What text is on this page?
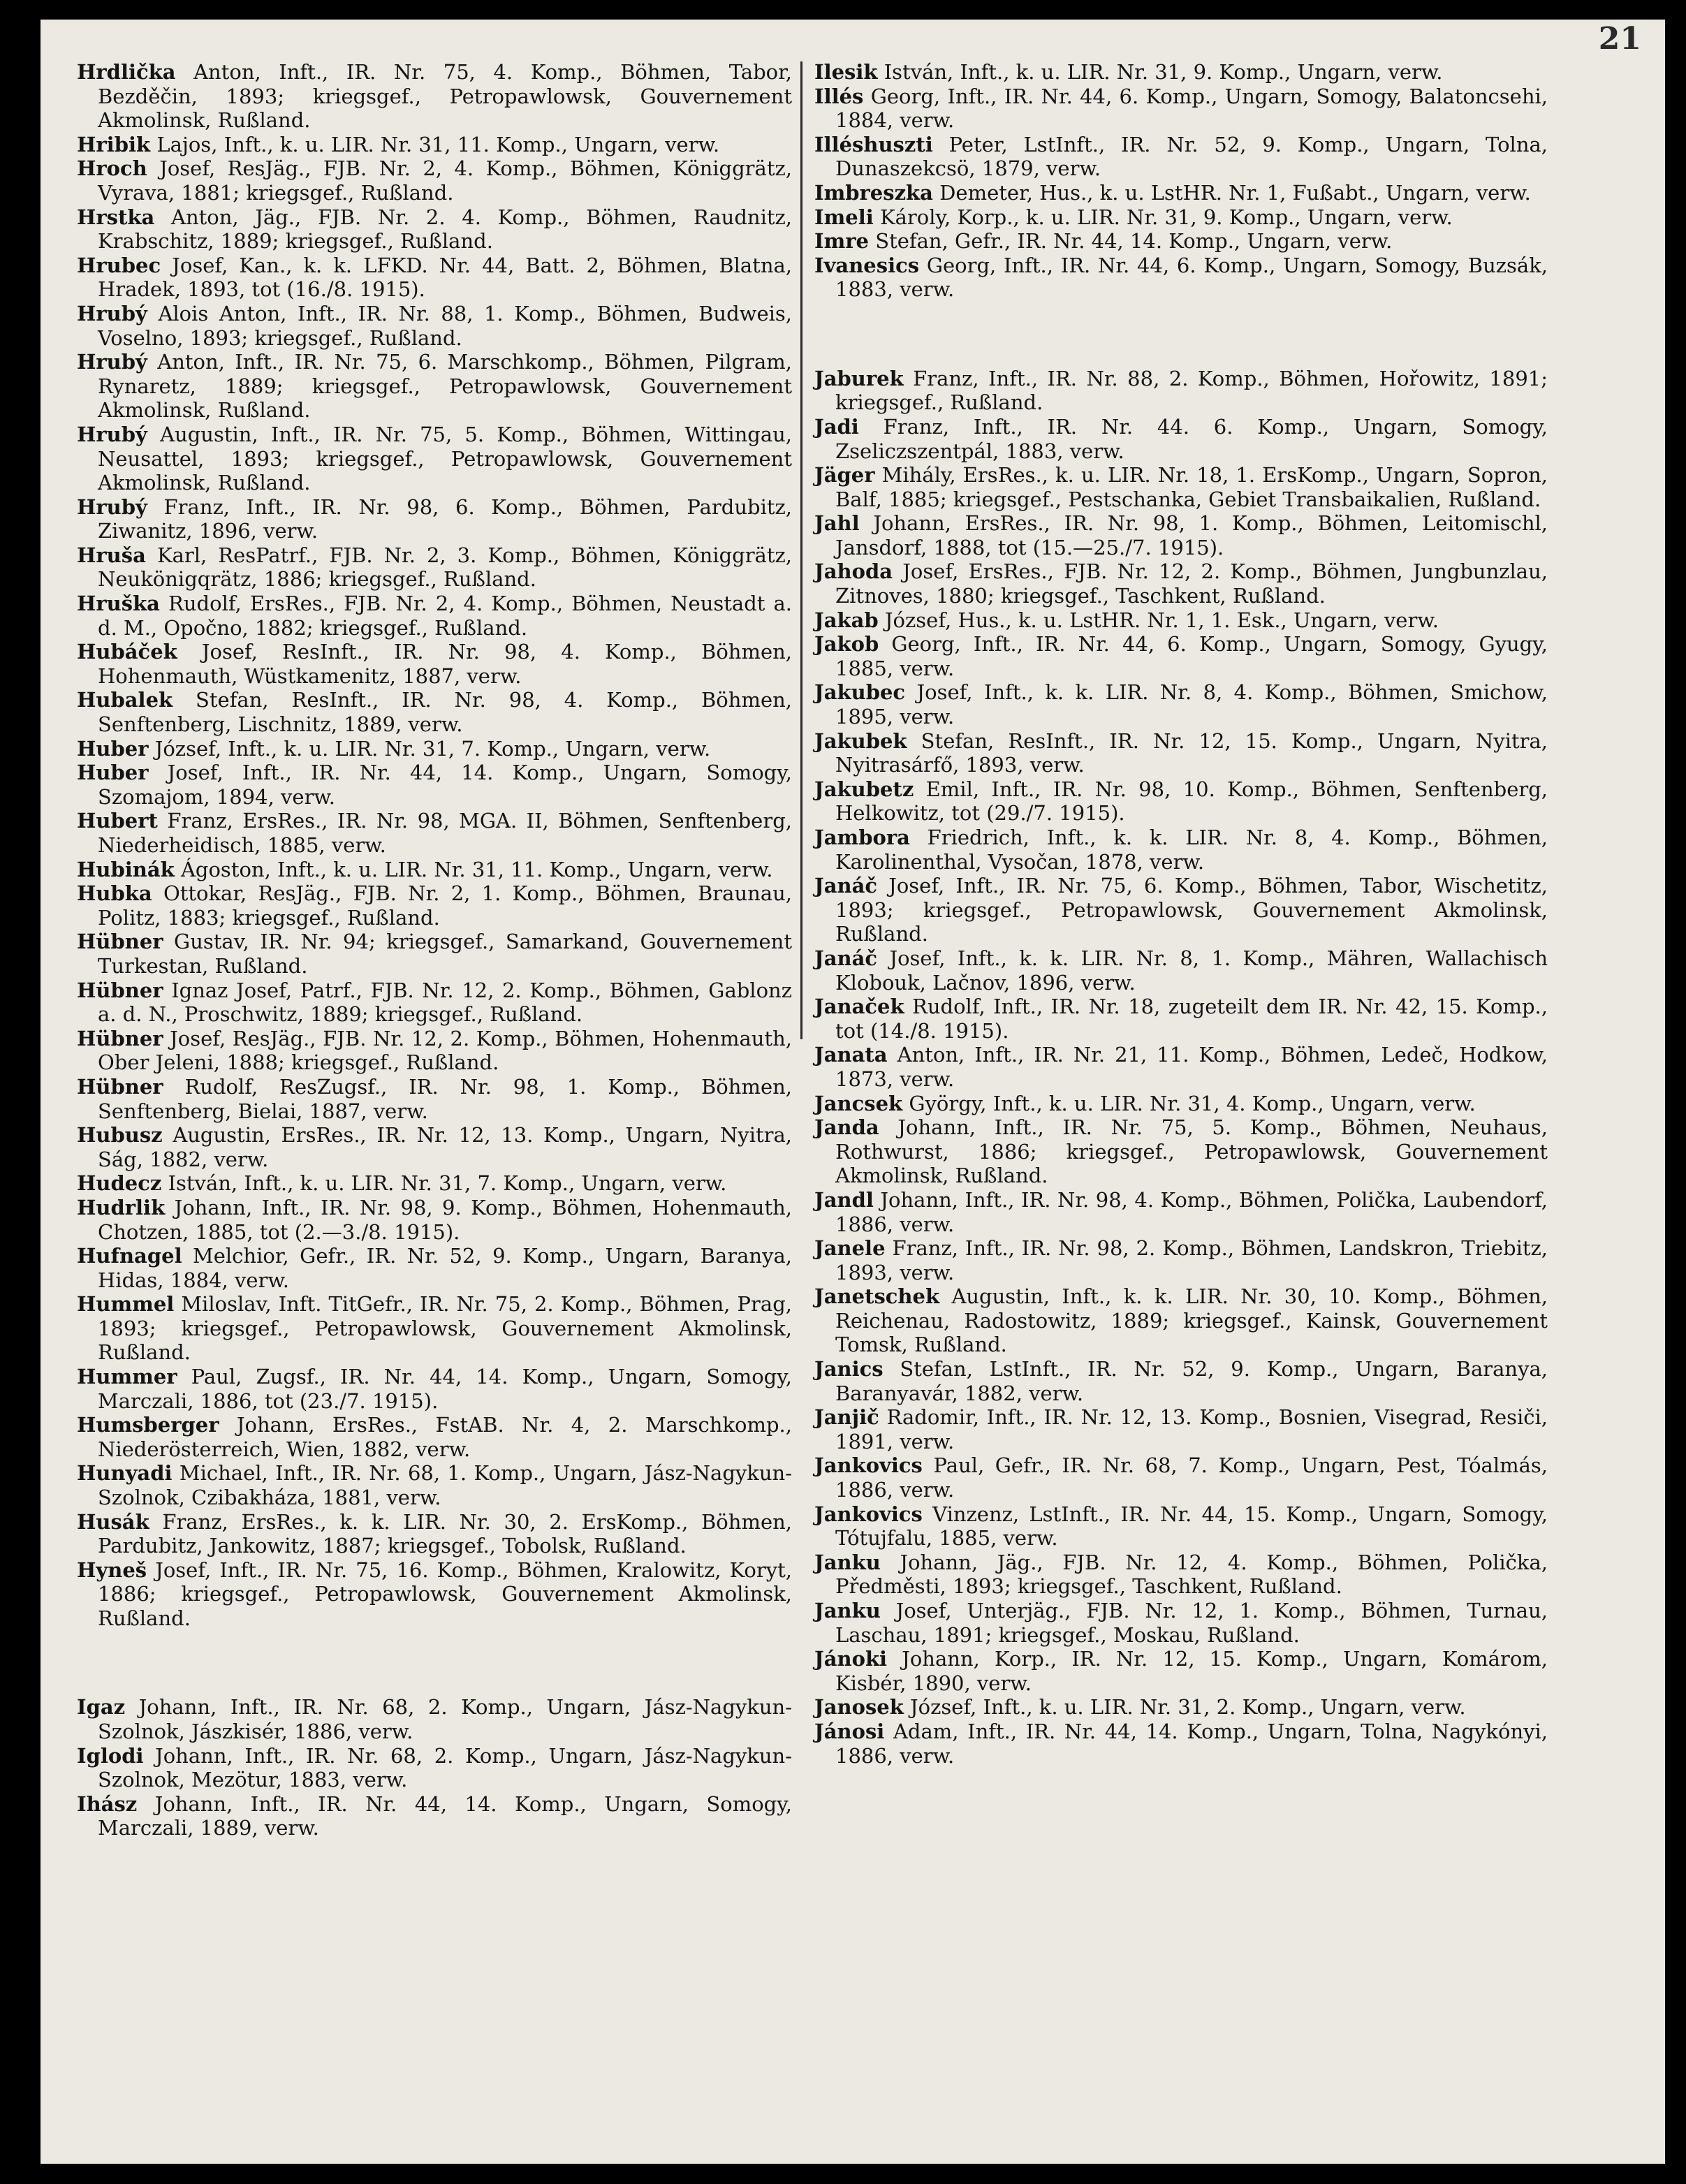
21

Hrdlička Anton, Inft., IR. Nr. 75, 4. Komp., Böhmen, Tabor, Bezděčin, 1893; kriegsgef., Petropawlowsk, Gouvernement Akmolinsk, Rußland.

Hribik Lajos, Inft., k. u. LIR. Nr. 31, 11. Komp., Ungarn, verw.

Hroch Josef, ResJäg., FJB. Nr. 2, 4. Komp., Böhmen, Königgrätz, Vyrava, 1881; kriegsgef., Rußland.

Hrstka Anton, Jäg., FJB. Nr. 2. 4. Komp., Böhmen, Raudnitz, Krabschitz, 1889; kriegsgef., Rußland.

Hrubec Josef, Kan., k. k. LFKD. Nr. 44, Batt. 2, Böhmen, Blatna, Hradek, 1893, tot (16./8. 1915).

Hrubý Alois Anton, Inft., IR. Nr. 88, 1. Komp., Böhmen, Budweis, Voselno, 1893; kriegsgef., Rußland.

Hrubý Anton, Inft., IR. Nr. 75, 6. Marschkomp., Böhmen, Pilgram, Rynaretz, 1889; kriegsgef., Petropawlowsk, Gouvernement Akmolinsk, Rußland.

Hrubý Augustin, Inft., IR. Nr. 75, 5. Komp., Böhmen, Wittingau, Neusattel, 1893; kriegsgef., Petropawlowsk, Gouvernement Akmolinsk, Rußland.

Hrubý Franz, Inft., IR. Nr. 98, 6. Komp., Böhmen, Pardubitz, Ziwanitz, 1896, verw.

Hruša Karl, ResPatrf., FJB. Nr. 2, 3. Komp., Böhmen, Königgrätz, Neukönigqrätz, 1886; kriegsgef., Rußland.

Hruška Rudolf, ErsRes., FJB. Nr. 2, 4. Komp., Böhmen, Neustadt a. d. M., Opočno, 1882; kriegsgef., Rußland.

Hubáček Josef, ResInft., IR. Nr. 98, 4. Komp., Böhmen, Hohenmauth, Wüstkamenitz, 1887, verw.

Hubalek Stefan, ResInft., IR. Nr. 98, 4. Komp., Böhmen, Senftenberg, Lischnitz, 1889, verw.

Huber József, Inft., k. u. LIR. Nr. 31, 7. Komp., Ungarn, verw.

Huber Josef, Inft., IR. Nr. 44, 14. Komp., Ungarn, Somogy, Szomajom, 1894, verw.

Hubert Franz, ErsRes., IR. Nr. 98, MGA. II, Böhmen, Senftenberg, Niederheidisch, 1885, verw.

Hubinák Ágoston, Inft., k. u. LIR. Nr. 31, 11. Komp., Ungarn, verw.

Hubka Ottokar, ResJäg., FJB. Nr. 2, 1. Komp., Böhmen, Braunau, Politz, 1883; kriegsgef., Rußland.

Hübner Gustav, IR. Nr. 94; kriegsgef., Samarkand, Gouvernement Turkestan, Rußland.

Hübner Ignaz Josef, Patrf., FJB. Nr. 12, 2. Komp., Böhmen, Gablonz a. d. N., Proschwitz, 1889; kriegsgef., Rußland.

Hübner Josef, ResJäg., FJB. Nr. 12, 2. Komp., Böhmen, Hohenmauth, Ober Jeleni, 1888; kriegsgef., Rußland.

Hübner Rudolf, ResZugsf., IR. Nr. 98, 1. Komp., Böhmen, Senftenberg, Bielai, 1887, verw.

Hubusz Augustin, ErsRes., IR. Nr. 12, 13. Komp., Ungarn, Nyitra, Ság, 1882, verw.

Hudecz István, Inft., k. u. LIR. Nr. 31, 7. Komp., Ungarn, verw.

Hudrlik Johann, Inft., IR. Nr. 98, 9. Komp., Böhmen, Hohenmauth, Chotzen, 1885, tot (2.—3./8. 1915).

Hufnagel Melchior, Gefr., IR. Nr. 52, 9. Komp., Ungarn, Baranya, Hidas, 1884, verw.

Hummel Miloslav, Inft. TitGefr., IR. Nr. 75, 2. Komp., Böhmen, Prag, 1893; kriegsgef., Petropawlowsk, Gouvernement Akmolinsk, Rußland.

Hummer Paul, Zugsf., IR. Nr. 44, 14. Komp., Ungarn, Somogy, Marczali, 1886, tot (23./7. 1915).

Humsberger Johann, ErsRes., FstAB. Nr. 4, 2. Marschkomp., Niederösterreich, Wien, 1882, verw.

Hunyadi Michael, Inft., IR. Nr. 68, 1. Komp., Ungarn, Jász-Nagykun-Szolnok, Czibakháza, 1881, verw.

Husák Franz, ErsRes., k. k. LIR. Nr. 30, 2. ErsKomp., Böhmen, Pardubitz, Jankowitz, 1887; kriegsgef., Tobolsk, Rußland.

Hyneš Josef, Inft., IR. Nr. 75, 16. Komp., Böhmen, Kralowitz, Koryt, 1886; kriegsgef., Petropawlowsk, Gouvernement Akmolinsk, Rußland.

Igaz Johann, Inft., IR. Nr. 68, 2. Komp., Ungarn, Jász-Nagykun-Szolnok, Jászkisér, 1886, verw.

Iglodi Johann, Inft., IR. Nr. 68, 2. Komp., Ungarn, Jász-Nagykun-Szolnok, Mezötur, 1883, verw.

Ihász Johann, Inft., IR. Nr. 44, 14. Komp., Ungarn, Somogy, Marczali, 1889, verw.

Ilesik István, Inft., k. u. LIR. Nr. 31, 9. Komp., Ungarn, verw.

Illés Georg, Inft., IR. Nr. 44, 6. Komp., Ungarn, Somogy, Balatoncsehi, 1884, verw.

Illéshuszti Peter, LstInft., IR. Nr. 52, 9. Komp., Ungarn, Tolna, Dunaszekcsö, 1879, verw.

Imbreszka Demeter, Hus., k. u. LstHR. Nr. 1, Fußabt., Ungarn, verw.

Imeli Károly, Korp., k. u. LIR. Nr. 31, 9. Komp., Ungarn, verw.

Imre Stefan, Gefr., IR. Nr. 44, 14. Komp., Ungarn, verw.

Ivanesics Georg, Inft., IR. Nr. 44, 6. Komp., Ungarn, Somogy, Buzsák, 1883, verw.

Jaburek Franz, Inft., IR. Nr. 88, 2. Komp., Böhmen, Hořowitz, 1891; kriegsgef., Rußland.

Jadi Franz, Inft., IR. Nr. 44. 6. Komp., Ungarn, Somogy, Zseliczszentpál, 1883, verw.

Jäger Mihály, ErsRes., k. u. LIR. Nr. 18, 1. ErsKomp., Ungarn, Sopron, Balf, 1885; kriegsgef., Pestschanka, Gebiet Transbaikalien, Rußland.

Jahl Johann, ErsRes., IR. Nr. 98, 1. Komp., Böhmen, Leitomischl, Jansdorf, 1888, tot (15.—25./7. 1915).

Jahoda Josef, ErsRes., FJB. Nr. 12, 2. Komp., Böhmen, Jungbunzlau, Zitnoves, 1880; kriegsgef., Taschkent, Rußland.

Jakab József, Hus., k. u. LstHR. Nr. 1, 1. Esk., Ungarn, verw.

Jakob Georg, Inft., IR. Nr. 44, 6. Komp., Ungarn, Somogy, Gyugy, 1885, verw.

Jakubec Josef, Inft., k. k. LIR. Nr. 8, 4. Komp., Böhmen, Smichow, 1895, verw.

Jakubek Stefan, ResInft., IR. Nr. 12, 15. Komp., Ungarn, Nyitra, Nyitrasárfő, 1893, verw.

Jakubetz Emil, Inft., IR. Nr. 98, 10. Komp., Böhmen, Senftenberg, Helkowitz, tot (29./7. 1915).

Jambora Friedrich, Inft., k. k. LIR. Nr. 8, 4. Komp., Böhmen, Karolinenthal, Vysočan, 1878, verw.

Janáč Josef, Inft., IR. Nr. 75, 6. Komp., Böhmen, Tabor, Wischetitz, 1893; kriegsgef., Petropawlowsk, Gouvernement Akmolinsk, Rußland.

Janáč Josef, Inft., k. k. LIR. Nr. 8, 1. Komp., Mähren, Wallachisch Klobouk, Lačnov, 1896, verw.

Janaček Rudolf, Inft., IR. Nr. 18, zugeteilt dem IR. Nr. 42, 15. Komp., tot (14./8. 1915).

Janata Anton, Inft., IR. Nr. 21, 11. Komp., Böhmen, Ledeč, Hodkow, 1873, verw.

Jancsek György, Inft., k. u. LIR. Nr. 31, 4. Komp., Ungarn, verw.

Janda Johann, Inft., IR. Nr. 75, 5. Komp., Böhmen, Neuhaus, Rothwurst, 1886; kriegsgef., Petropawlowsk, Gouvernement Akmolinsk, Rußland.

Jandl Johann, Inft., IR. Nr. 98, 4. Komp., Böhmen, Polička, Laubendorf, 1886, verw.

Janele Franz, Inft., IR. Nr. 98, 2. Komp., Böhmen, Landskron, Triebitz, 1893, verw.

Janetschek Augustin, Inft., k. k. LIR. Nr. 30, 10. Komp., Böhmen, Reichenau, Radostowitz, 1889; kriegsgef., Kainsk, Gouvernement Tomsk, Rußland.

Janics Stefan, LstInft., IR. Nr. 52, 9. Komp., Ungarn, Baranya, Baranyavár, 1882, verw.

Janjič Radomir, Inft., IR. Nr. 12, 13. Komp., Bosnien, Visegrad, Resiči, 1891, verw.

Jankovics Paul, Gefr., IR. Nr. 68, 7. Komp., Ungarn, Pest, Tóalmás, 1886, verw.

Jankovics Vinzenz, LstInft., IR. Nr. 44, 15. Komp., Ungarn, Somogy, Tótujfalu, 1885, verw.

Janku Johann, Jäg., FJB. Nr. 12, 4. Komp., Böhmen, Polička, Předměsti, 1893; kriegsgef., Taschkent, Rußland.

Janku Josef, Unterjäg., FJB. Nr. 12, 1. Komp., Böhmen, Turnau, Laschau, 1891; kriegsgef., Moskau, Rußland.

Jánoki Johann, Korp., IR. Nr. 12, 15. Komp., Ungarn, Komárom, Kisbér, 1890, verw.

Janosek József, Inft., k. u. LIR. Nr. 31, 2. Komp., Ungarn, verw.

Jánosi Adam, Inft., IR. Nr. 44, 14. Komp., Ungarn, Tolna, Nagykónyi, 1886, verw.
